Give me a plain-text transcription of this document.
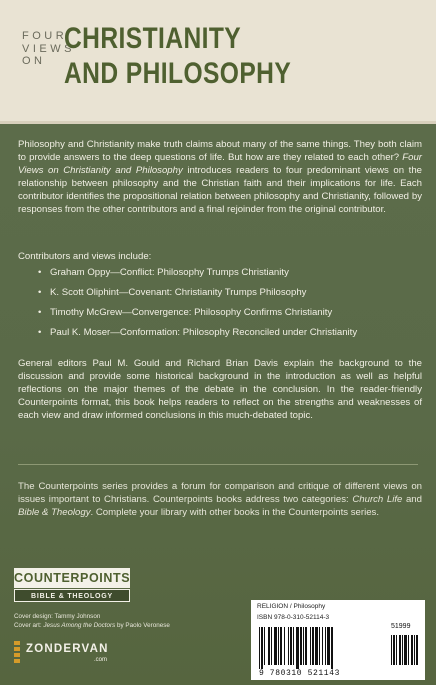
FOUR VIEWS ON
CHRISTIANITY
AND PHILOSOPHY

Philosophy and Christianity make truth claims about many of the same things. They both claim to provide answers to the deep questions of life. But how are they related to each other? Four Views on Christianity and Philosophy introduces readers to four predominant views on the relationship between philosophy and the Christian faith and their implications for life. Each contributor identifies the propositional relation between philosophy and Christianity, followed by responses from the other contributors and a final rejoinder from the original contributor.

Contributors and views include:

• Graham Oppy—Conflict: Philosophy Trumps Christianity
• K. Scott Oliphint—Covenant: Christianity Trumps Philosophy
• Timothy McGrew—Convergence: Philosophy Confirms Christianity
• Paul K. Moser—Conformation: Philosophy Reconciled under Christianity

General editors Paul M. Gould and Richard Brian Davis explain the background to the discussion and provide some historical background in the introduction as well as helpful reflections on the major themes of the debate in the conclusion. In the reader-friendly Counterpoints format, this book helps readers to reflect on the strengths and weaknesses of each view and draw informed conclusions in this much-debated topic.

The Counterpoints series provides a forum for comparison and critique of different views on issues important to Christians. Counterpoints books address two categories: Church Life and Bible & Theology. Complete your library with other books in the Counterpoints series.

COUNTERPOINTS
BIBLE & THEOLOGY
Cover design: Tammy Johnson
Cover art: Jesus Among the Doctors by Paolo Veronese
ZONDERVAN
.com
RELIGION / Philosophy
ISBN 978-0-310-52114-3
51999
9 780310 521143
